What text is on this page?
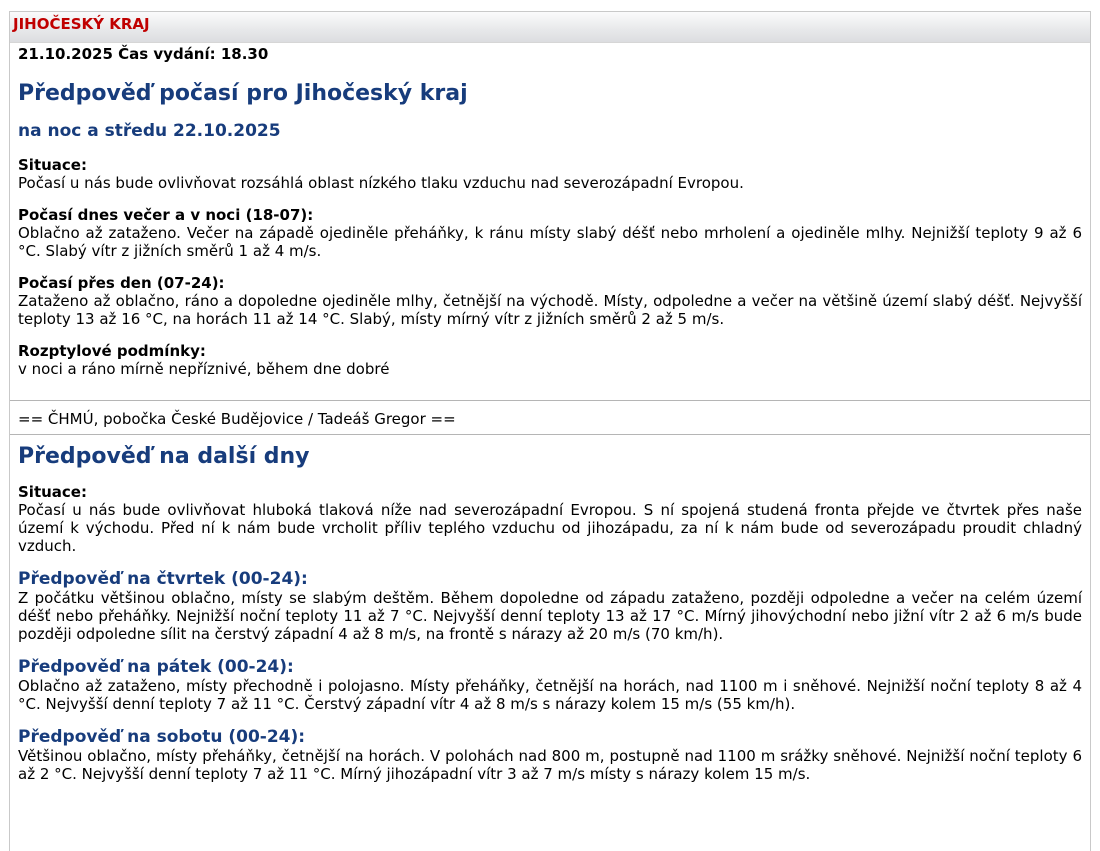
JIHOČESKÝ KRAJ
21.10.2025 Čas vydání: 18.30
Předpověď počasí pro Jihočeský kraj
na noc a středu 22.10.2025

Situace:

Počasí u nás bude ovlivňovat rozsáhlá oblast nízkého tlaku vzduchu nad severozápadní Evropou.

Počasí dnes večer a v noci (18-07):

Oblačno až zataženo. Večer na západě ojediněle přeháňky, k ránu místy slabý déšť nebo mrholení a ojediněle mlhy. Nejnižší teploty 9 až 6 °C. Slabý vítr z jižních směrů 1 až 4 m/s.

Počasí přes den (07-24):

Zataženo až oblačno, ráno a dopoledne ojediněle mlhy, četnější na východě. Místy, odpoledne a večer na většině území slabý déšť. Nejvyšší teploty 13 až 16 °C, na horách 11 až 14 °C. Slabý, místy mírný vítr z jižních směrů 2 až 5 m/s.

Rozptylové podmínky:

v noci a ráno mírně nepříznivé, během dne dobré

== ČHMÚ, pobočka České Budějovice / Tadeáš Gregor ==
Předpověď na další dny

Situace:

Počasí u nás bude ovlivňovat hluboká tlaková níže nad severozápadní Evropou. S ní spojená studená fronta přejde ve čtvrtek přes naše území k východu. Před ní k nám bude vrcholit příliv teplého vzduchu od jihozápadu, za ní k nám bude od severozápadu proudit chladný vzduch.

Předpověď na čtvrtek (00-24):

Z počátku většinou oblačno, místy se slabým deštěm. Během dopoledne od západu zataženo, později odpoledne a večer na celém území déšť nebo přeháňky. Nejnižší noční teploty 11 až 7 °C. Nejvyšší denní teploty 13 až 17 °C. Mírný jihovýchodní nebo jižní vítr 2 až 6 m/s bude později odpoledne sílit na čerstvý západní 4 až 8 m/s, na frontě s nárazy až 20 m/s (70 km/h).

Předpověď na pátek (00-24):

Oblačno až zataženo, místy přechodně i polojasno. Místy přeháňky, četnější na horách, nad 1100 m i sněhové. Nejnižší noční teploty 8 až 4 °C. Nejvyšší denní teploty 7 až 11 °C. Čerstvý západní vítr 4 až 8 m/s s nárazy kolem 15 m/s (55 km/h).

Předpověď na sobotu (00-24):

Většinou oblačno, místy přeháňky, četnější na horách. V polohách nad 800 m, postupně nad 1100 m srážky sněhové. Nejnižší noční teploty 6 až 2 °C. Nejvyšší denní teploty 7 až 11 °C. Mírný jihozápadní vítr 3 až 7 m/s místy s nárazy kolem 15 m/s.
